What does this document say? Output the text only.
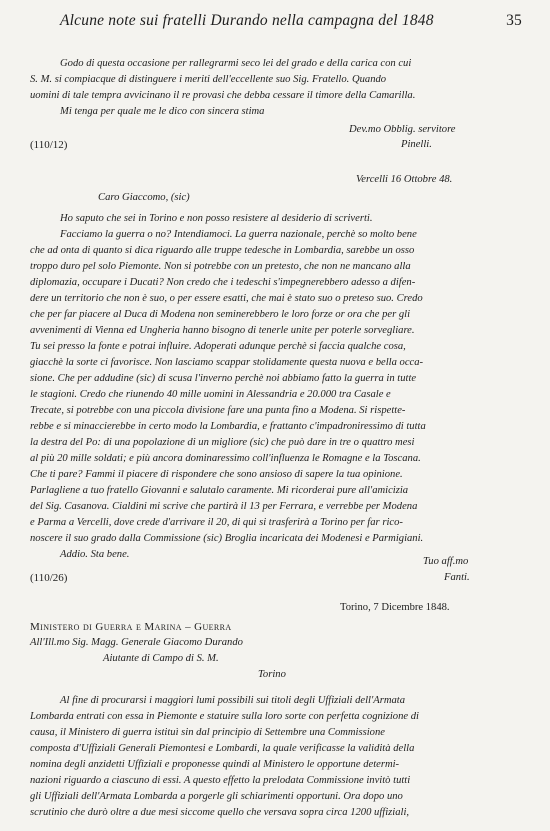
Alcune note sui fratelli Durando nella campagna del 1848	35
Godo di questa occasione per rallegrarmi seco lei del grado e della carica con cui
S. M. si compiacque di distinguere i meriti dell'eccellente suo Sig. Fratello. Quando
uomini di tale tempra avvicinano il re provasi che debba cessare il timore della Camarilla.
Mi tenga per quale me le dico con sincera stima
Dev.mo Obblig. servitore
(110/12)	Pinelli.
Vercelli 16 Ottobre 48.
Caro Giaccomo, (sic)
Ho saputo che sei in Torino e non posso resistere al desiderio di scriverti.
Facciamo la guerra o no? Intendiamoci. La guerra nazionale, perchè so molto bene
che ad onta di quanto si dica riguardo alle truppe tedesche in Lombardia, sarebbe un osso
troppo duro pel solo Piemonte. Non si potrebbe con un pretesto, che non ne mancano alla
diplomazia, occupare i Ducati? Non credo che i tedeschi s'impegnerebbero adesso a difen-
dere un territorio che non è suo, o per essere esatti, che mai è stato suo o preteso suo. Credo
che per far piacere al Duca di Modena non seminerebbero le loro forze or ora che per gli
avvenimenti di Vienna ed Ungheria hanno bisogno di tenerle unite per poterle sorvegliare.
Tu sei presso la fonte e potrai influire. Adoperati adunque perchè si faccia qualche cosa,
giacchè la sorte ci favorisce. Non lasciamo scappar stolidamente questa nuova e bella occa-
sione. Che per addudine (sic) di scusa l'inverno perchè noi abbiamo fatto la guerra in tutte
le stagioni. Credo che riunendo 40 mille uomini in Alessandria e 20.000 tra Casale e
Trecate, si potrebbe con una piccola divisione fare una punta fino a Modena. Si rispette-
rebbe e si minaccierebbe in certo modo la Lombardia, e frattanto c'impadroniressimo di tutta
la destra del Po: di una popolazione di un migliore (sic) che può dare in tre o quattro mesi
al più 20 mille soldati; e più ancora dominaressimo coll'influenza le Romagne e la Toscana.
Che ti pare? Fammi il piacere di rispondere che sono ansioso di sapere la tua opinione.
Parlagliene a tuo fratello Giovanni e salutalo caramente. Mi ricorderai pure all'amicizia
del Sig. Casanova. Cialdini mi scrive che partirà il 13 per Ferrara, e verrebbe per Modena
e Parma a Vercelli, dove crede d'arrivare il 20, di qui si trasferirà a Torino per far rico-
noscere il suo grado dalla Commissione (sic) Broglia incaricata dei Modenesi e Parmigiani.
Addio. Sta bene.
Tuo aff.mo
(110/26)	Fanti.
Torino, 7 Dicembre 1848.
Ministero di Guerra e Marina – Guerra
All'Ill.mo Sig. Magg. Generale Giacomo Durando
Aiutante di Campo di S. M.
Torino
Al fine di procurarsi i maggiori lumi possibili sui titoli degli Uffiziali dell'Armata
Lombarda entrati con essa in Piemonte e statuire sulla loro sorte con perfetta cognizione di
causa, il Ministero di guerra istituì sin dal principio di Settembre una Commissione
composta d'Uffiziali Generali Piemontesi e Lombardi, la quale verificasse la validità della
nomina degli anzidetti Uffiziali e proponesse quindi al Ministero le opportune determi-
nazioni riguardo a ciascuno di essi. A questo effetto la prelodata Commissione invitò tutti
gli Uffiziali dell'Armata Lombarda a porgerle gli schiarimenti opportuni. Ora dopo uno
scrutinio che durò oltre a due mesi siccome quello che versava sopra circa 1200 uffiziali,
